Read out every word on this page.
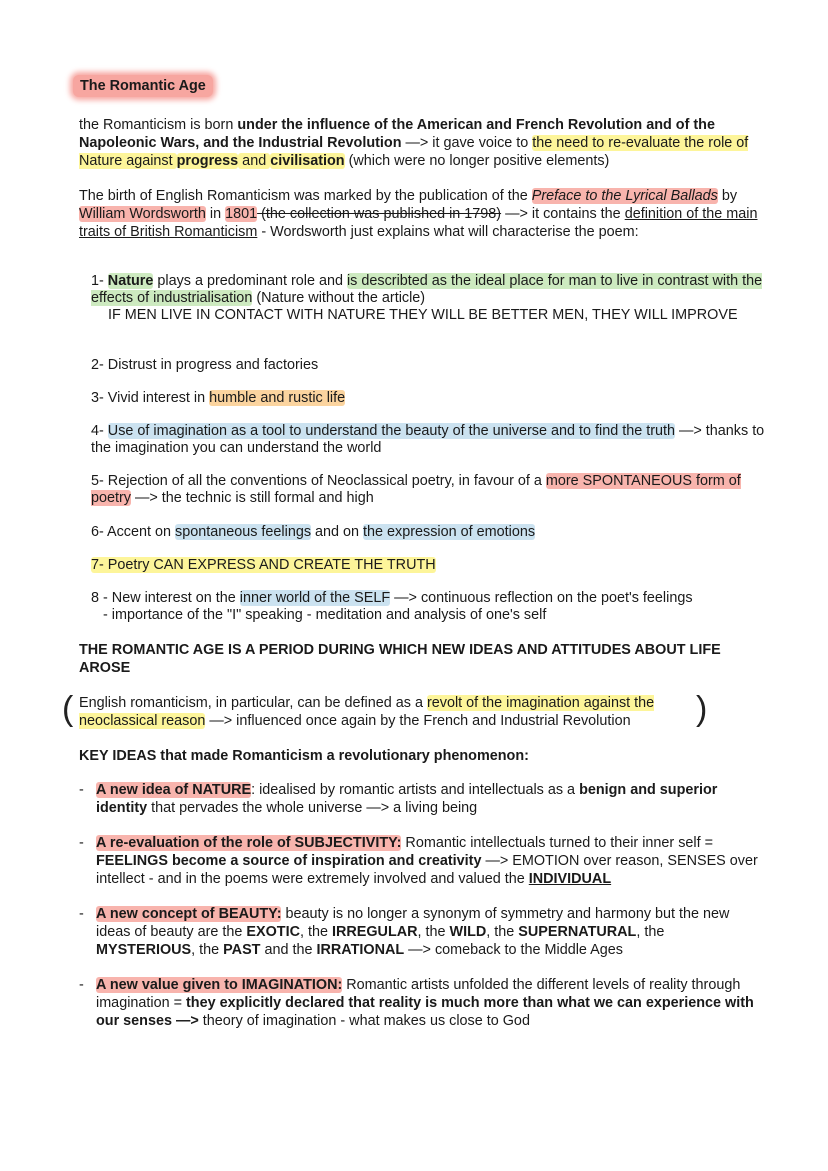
The Romantic Age
the Romanticism is born under the influence of the American and French Revolution and of the Napoleonic Wars, and the Industrial Revolution —> it gave voice to the need to re-evaluate the role of Nature against progress and civilisation (which were no longer positive elements)
The birth of English Romanticism was marked by the publication of the Preface to the Lyrical Ballads by William Wordsworth in 1801 (the collection was published in 1798) —> it contains the definition of the main traits of British Romanticism - Wordsworth just explains what will characterise the poem:
1- Nature plays a predominant role and is describted as the ideal place for man to live in contrast with the effects of industrialisation (Nature without the article)
IF MEN LIVE IN CONTACT WITH NATURE THEY WILL BE BETTER MEN, THEY WILL IMPROVE
2- Distrust in progress and factories
3- Vivid interest in humble and rustic life
4- Use of imagination as a tool to understand the beauty of the universe and to find the truth —> thanks to the imagination you can understand the world
5- Rejection of all the conventions of Neoclassical poetry, in favour of a more SPONTANEOUS form of poetry —> the technic is still formal and high
6- Accent on spontaneous feelings and on the expression of emotions
7- Poetry CAN EXPRESS AND CREATE THE TRUTH
8 - New interest on the inner world of the SELF —> continuous reflection on the poet's feelings
- importance of the "I" speaking - meditation and analysis of one's self
THE ROMANTIC AGE IS A PERIOD DURING WHICH NEW IDEAS AND ATTITUDES ABOUT LIFE AROSE
( English romanticism, in particular, can be defined as a revolt of the imagination against the neoclassical reason —> influenced once again by the French and Industrial Revolution	)
KEY IDEAS that made Romanticism a revolutionary phenomenon:
- A new idea of NATURE: idealised by romantic artists and intellectuals as a benign and superior identity that pervades the whole universe —> a living being
- A re-evaluation of the role of SUBJECTIVITY: Romantic intellectuals turned to their inner self = FEELINGS become a source of inspiration and creativity —> EMOTION over reason, SENSES over intellect - and in the poems were extremely involved and valued the INDIVIDUAL
- A new concept of BEAUTY: beauty is no longer a synonym of symmetry and harmony but the new ideas of beauty are the EXOTIC, the IRREGULAR, the WILD, the SUPERNATURAL, the MYSTERIOUS, the PAST and the IRRATIONAL —> comeback to the Middle Ages
- A new value given to IMAGINATION: Romantic artists unfolded the different levels of reality through imagination = they explicitly declared that reality is much more than what we can experience with our senses —> theory of imagination - what makes us close to God
